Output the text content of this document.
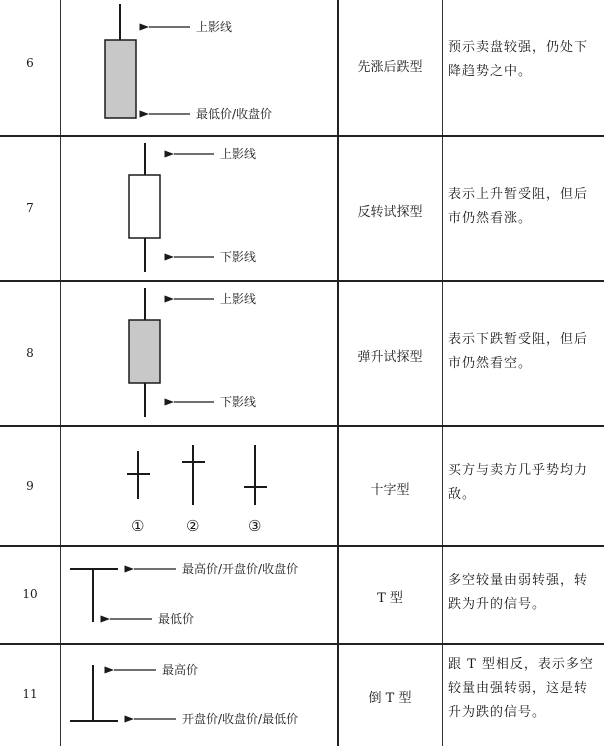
6
上影线
最低价/收盘价
先涨后跌型
预示卖盘较强，仍处下降趋势之中。
7
上影线
下影线
反转试探型
表示上升暂受阻，但后市仍然看涨。
8
上影线
下影线
弹升试探型
表示下跌暂受阻，但后市仍然看空。
9
①	②	③
十字型
买方与卖方几乎势均力敌。
10
最高价/开盘价/收盘价
最低价
T 型
多空较量由弱转强，转跌为升的信号。
11
最高价
开盘价/收盘价/最低价
倒 T 型
跟 T 型相反，表示多空较量由强转弱，这是转升为跌的信号。
